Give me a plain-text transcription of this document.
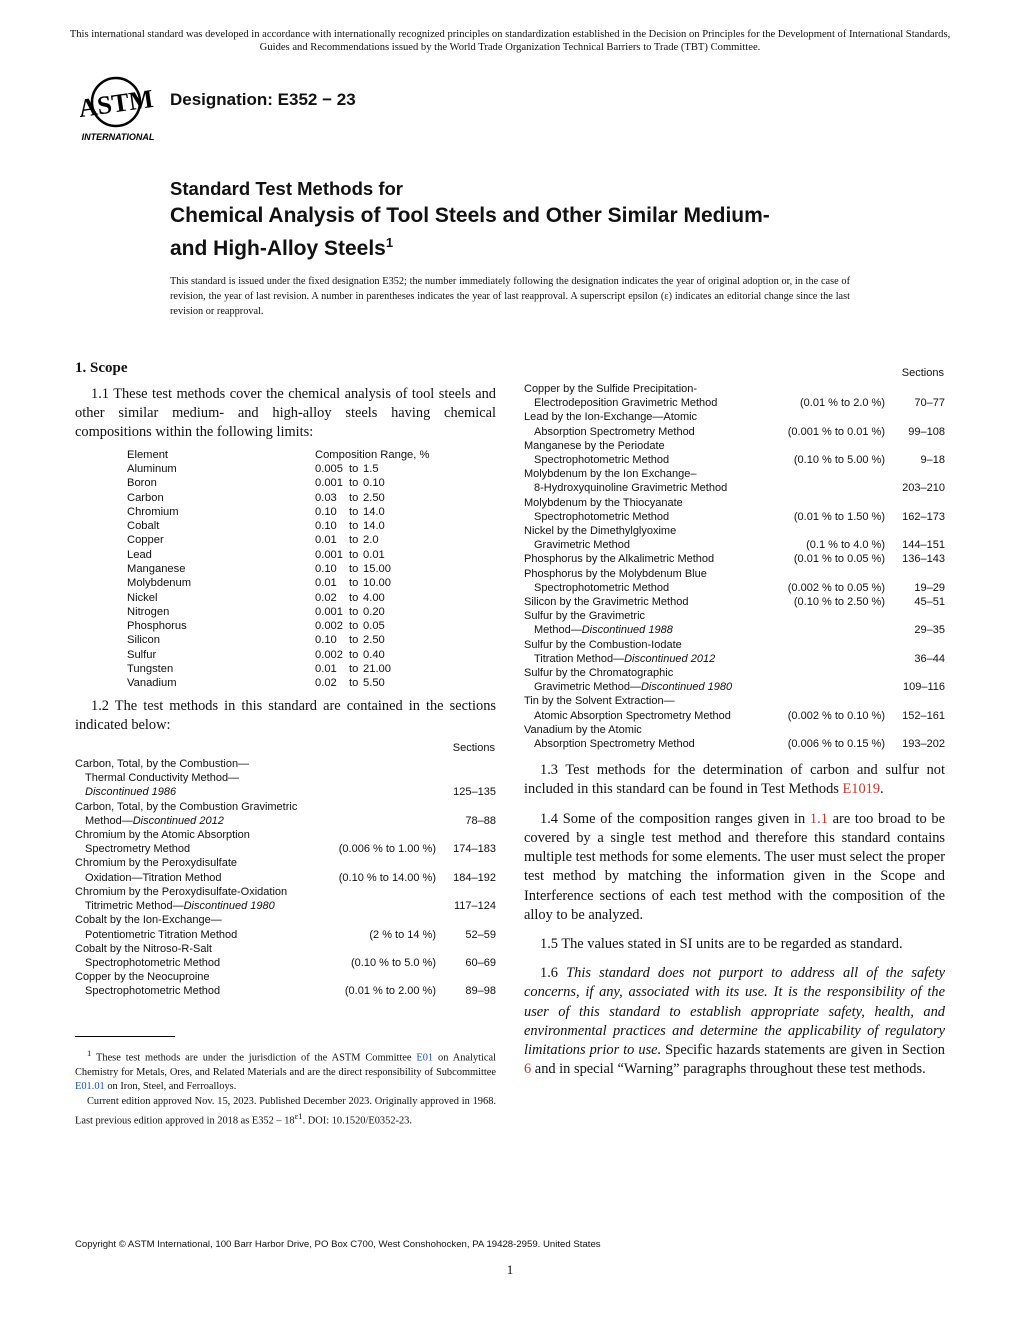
This international standard was developed in accordance with internationally recognized principles on standardization established in the Decision on Principles for the Development of International Standards, Guides and Recommendations issued by the World Trade Organization Technical Barriers to Trade (TBT) Committee.
ASTM
INTERNATIONAL
Designation: E352 − 23
Standard Test Methods for
Chemical Analysis of Tool Steels and Other Similar Medium-
and High-Alloy Steels$^1$
This standard is issued under the fixed designation E352; the number immediately following the designation indicates the year of original adoption or, in the case of revision, the year of last revision. A number in parentheses indicates the year of last reapproval. A superscript epsilon (ε) indicates an editorial change since the last revision or reapproval.
1. Scope

1.1 These test methods cover the chemical analysis of tool steels and other similar medium- and high-alloy steels having chemical compositions within the following limits:

Element	Composition Range, %		
Aluminum	0.005	to	1.5
Boron	0.001	to	0.10
Carbon	0.03	to	2.50
Chromium	0.10	to	14.0
Cobalt	0.10	to	14.0
Copper	0.01	to	2.0
Lead	0.001	to	0.01
Manganese	0.10	to	15.00
Molybdenum	0.01	to	10.00
Nickel	0.02	to	4.00
Nitrogen	0.001	to	0.20
Phosphorus	0.002	to	0.05
Silicon	0.10	to	2.50
Sulfur	0.002	to	0.40
Tungsten	0.01	to	21.00
Vanadium	0.02	to	5.50

1.2 The test methods in this standard are contained in the sections indicated below:

Sections		

Carbon, Total, by the Combustion—
Thermal Conductivity Method—
Discontinued 1986		125–135

Carbon, Total, by the Combustion Gravimetric
Method—Discontinued 2012		78–88

Chromium by the Atomic Absorption
Spectrometry Method	(0.006 % to 1.00 %)	174–183

Chromium by the Peroxydisulfate
Oxidation—Titration Method	(0.10 % to 14.00 %)	184–192

Chromium by the Peroxydisulfate-Oxidation
Titrimetric Method—Discontinued 1980		117–124

Cobalt by the Ion-Exchange—
Potentiometric Titration Method	(2 % to 14 %)	52–59

Cobalt by the Nitroso-R-Salt
Spectrophotometric Method	(0.10 % to 5.0 %)	60–69

Copper by the Neocuproine
Spectrophotometric Method	(0.01 % to 2.00 %)	89–98
Sections		

Copper by the Sulfide Precipitation-
Electrodeposition Gravimetric Method	(0.01 % to 2.0 %)	70–77

Lead by the Ion-Exchange—Atomic
Absorption Spectrometry Method	(0.001 % to 0.01 %)	99–108

Manganese by the Periodate
Spectrophotometric Method	(0.10 % to 5.00 %)	9–18

Molybdenum by the Ion Exchange–
8-Hydroxyquinoline Gravimetric Method		203–210

Molybdenum by the Thiocyanate
Spectrophotometric Method	(0.01 % to 1.50 %)	162–173

Nickel by the Dimethylglyoxime
Gravimetric Method	(0.1 % to 4.0 %)	144–151

Phosphorus by the Alkalimetric Method	(0.01 % to 0.05 %)	136–143

Phosphorus by the Molybdenum Blue
Spectrophotometric Method	(0.002 % to 0.05 %)	19–29

Silicon by the Gravimetric Method	(0.10 % to 2.50 %)	45–51

Sulfur by the Gravimetric
Method—Discontinued 1988		29–35

Sulfur by the Combustion-Iodate
Titration Method—Discontinued 2012		36–44

Sulfur by the Chromatographic
Gravimetric Method—Discontinued 1980		109–116

Tin by the Solvent Extraction—
Atomic Absorption Spectrometry Method	(0.002 % to 0.10 %)	152–161

Vanadium by the Atomic
Absorption Spectrometry Method	(0.006 % to 0.15 %)	193–202

1.3 Test methods for the determination of carbon and sulfur not included in this standard can be found in Test Methods E1019.

1.4 Some of the composition ranges given in 1.1 are too broad to be covered by a single test method and therefore this standard contains multiple test methods for some elements. The user must select the proper test method by matching the information given in the Scope and Interference sections of each test method with the composition of the alloy to be analyzed.

1.5 The values stated in SI units are to be regarded as standard.

1.6 This standard does not purport to address all of the safety concerns, if any, associated with its use. It is the responsibility of the user of this standard to establish appropriate safety, health, and environmental practices and determine the applicability of regulatory limitations prior to use. Specific hazards statements are given in Section 6 and in special “Warning” paragraphs throughout these test methods.

$^1$ These test methods are under the jurisdiction of the ASTM Committee E01 on Analytical Chemistry for Metals, Ores, and Related Materials and are the direct responsibility of Subcommittee E01.01 on Iron, Steel, and Ferroalloys.

Current edition approved Nov. 15, 2023. Published December 2023. Originally approved in 1968. Last previous edition approved in 2018 as $E352 - 18^{\varepsilon 1}$. DOI: 10.1520/E0352-23.

Copyright © ASTM International, 100 Barr Harbor Drive, PO Box C700, West Conshohocken, PA 19428-2959. United States
1
